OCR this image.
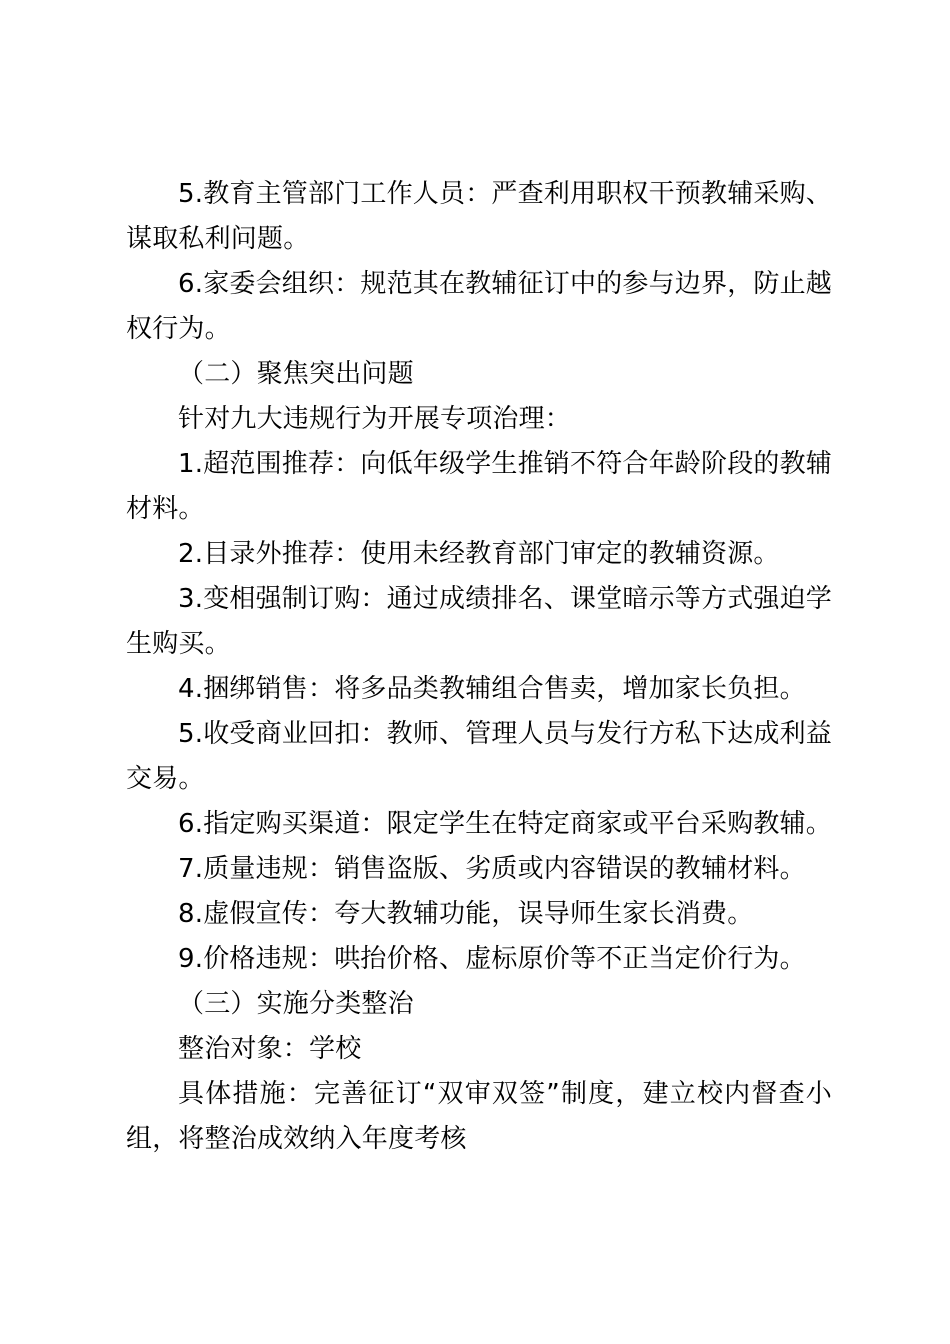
5.教育主管部门工作人员：严查利用职权干预教辅采购、谋取私利问题。

6.家委会组织：规范其在教辅征订中的参与边界，防止越权行为。

（二）聚焦突出问题

针对九大违规行为开展专项治理：

1.超范围推荐：向低年级学生推销不符合年龄阶段的教辅材料。

2.目录外推荐：使用未经教育部门审定的教辅资源。

3.变相强制订购：通过成绩排名、课堂暗示等方式强迫学生购买。

4.捆绑销售：将多品类教辅组合售卖，增加家长负担。

5.收受商业回扣：教师、管理人员与发行方私下达成利益交易。

6.指定购买渠道：限定学生在特定商家或平台采购教辅。

7.质量违规：销售盗版、劣质或内容错误的教辅材料。

8.虚假宣传：夸大教辅功能，误导师生家长消费。

9.价格违规：哄抬价格、虚标原价等不正当定价行为。

（三）实施分类整治

整治对象：学校

具体措施：完善征订“双审双签”制度，建立校内督查小组，将整治成效纳入年度考核
